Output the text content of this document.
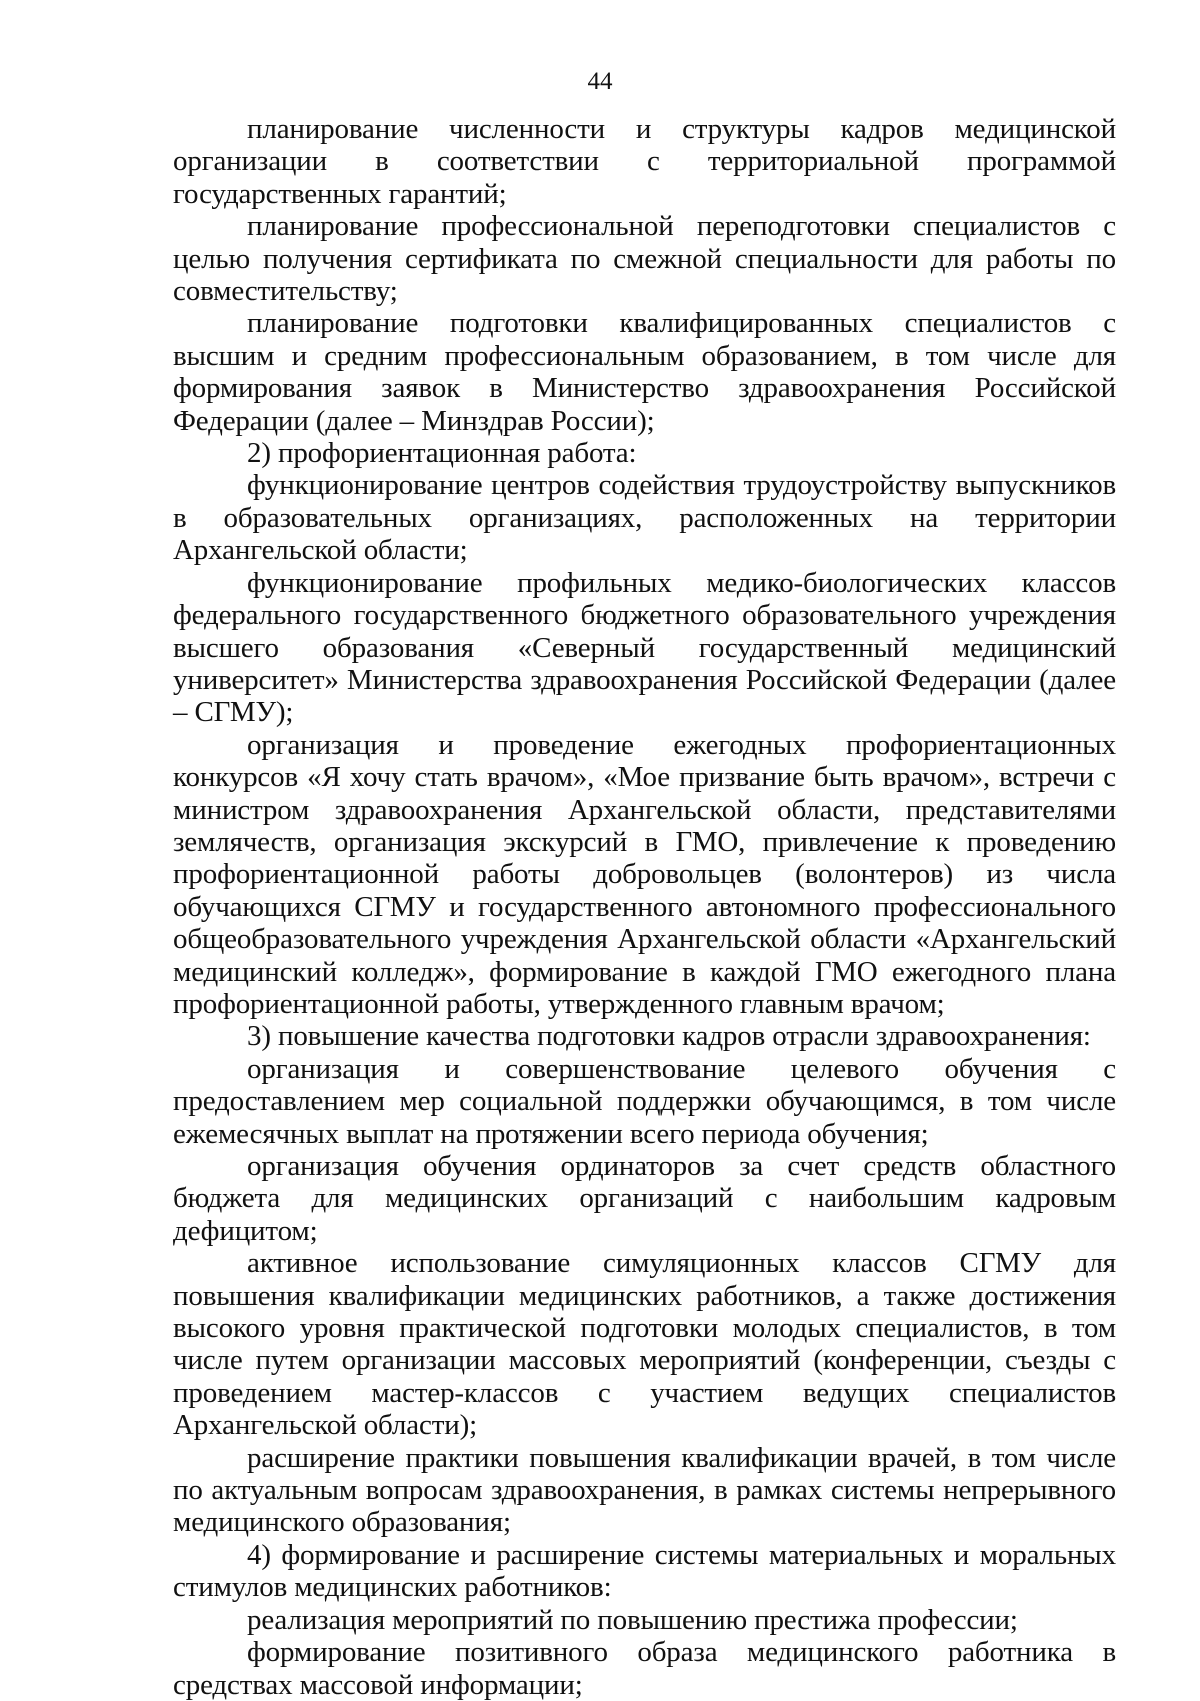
44

планирование численности и структуры кадров медицинской организации в соответствии с территориальной программой государственных гарантий;

планирование профессиональной переподготовки специалистов с целью получения сертификата по смежной специальности для работы по совместительству;

планирование подготовки квалифицированных специалистов с высшим и средним профессиональным образованием, в том числе для формирования заявок в Министерство здравоохранения Российской Федерации (далее – Минздрав России);

2) профориентационная работа:

функционирование центров содействия трудоустройству выпускников в образовательных организациях, расположенных на территории Архангельской области;

функционирование профильных медико-биологических классов федерального государственного бюджетного образовательного учреждения высшего образования «Северный государственный медицинский университет» Министерства здравоохранения Российской Федерации (далее – СГМУ);

организация и проведение ежегодных профориентационных конкурсов «Я хочу стать врачом», «Мое призвание быть врачом», встречи с министром здравоохранения Архангельской области, представителями землячеств, организация экскурсий в ГМО, привлечение к проведению профориентационной работы добровольцев (волонтеров) из числа обучающихся СГМУ и государственного автономного профессионального общеобразовательного учреждения Архангельской области «Архангельский медицинский колледж», формирование в каждой ГМО ежегодного плана профориентационной работы, утвержденного главным врачом;

3) повышение качества подготовки кадров отрасли здравоохранения:

организация и совершенствование целевого обучения с предоставлением мер социальной поддержки обучающимся, в том числе ежемесячных выплат на протяжении всего периода обучения;

организация обучения ординаторов за счет средств областного бюджета для медицинских организаций с наибольшим кадровым дефицитом;

активное использование симуляционных классов СГМУ для повышения квалификации медицинских работников, а также достижения высокого уровня практической подготовки молодых специалистов, в том числе путем организации массовых мероприятий (конференции, съезды с проведением мастер-классов с участием ведущих специалистов Архангельской области);

расширение практики повышения квалификации врачей, в том числе по актуальным вопросам здравоохранения, в рамках системы непрерывного медицинского образования;

4) формирование и расширение системы материальных и моральных стимулов медицинских работников:

реализация мероприятий по повышению престижа профессии;

формирование позитивного образа медицинского работника в средствах массовой информации;
